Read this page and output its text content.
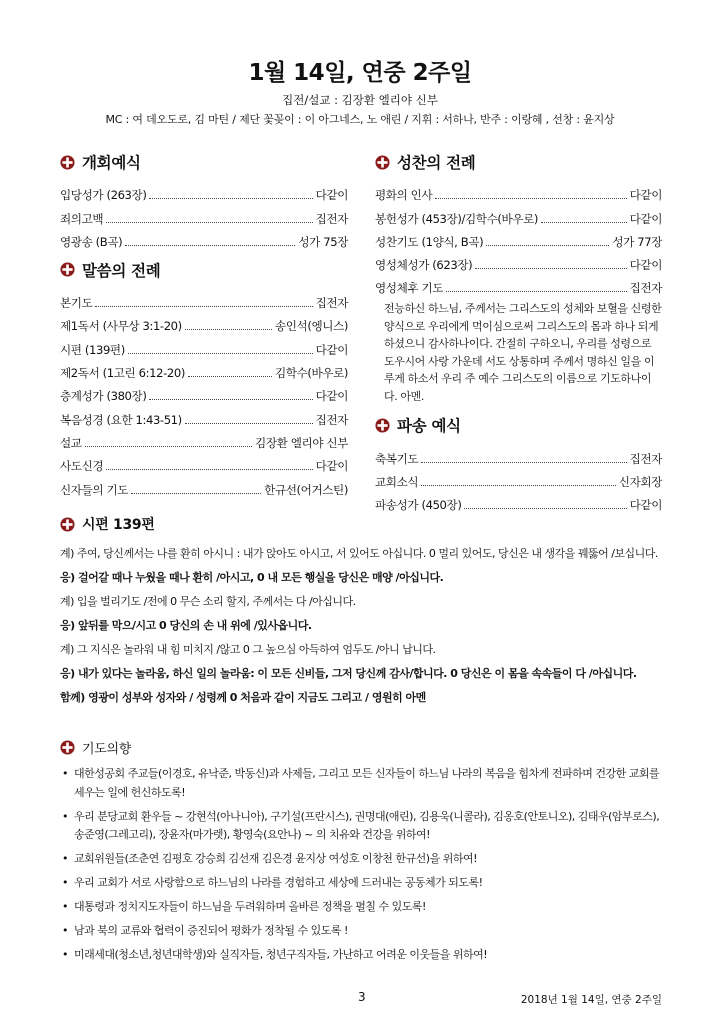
1월 14일, 연중 2주일
집전/설교 : 김장환 엘리야 신부
MC : 여 데오도로, 김 마틴 / 제단 꽃꽂이 : 이 아그네스, 노 애린 / 지휘 : 서하나, 반주 : 이랑혜 , 선창 : 윤지상
개회예식
입당성가 (263장)	다같이
죄의고백	집전자
영광송 (B곡)	성가 75장
말씀의 전례
본기도	집전자
제1독서 (사무상 3:1-20)	송인석(엥니스)
시편 (139편)	다같이
제2독서 (1고린 6:12-20)	김학수(바우로)
층계성가 (380장)	다같이
복음성경 (요한 1:43-51)	집전자
설교	김장환 엘리야 신부
사도신경	다같이
신자들의 기도	한규선(어거스틴)
성찬의 전례
평화의 인사	다같이
봉헌성가 (453장)/김학수(바우로)	다같이
성찬기도 (1양식, B곡)	성가 77장
영성체성가 (623장)	다같이
영성체후 기도	집전자
전능하신 하느님, 주께서는 그리스도의 성체와 보혈을 신령한 양식으로 우리에게 먹이심으로써 그리스도의 몸과 하나 되게 하셨으니 감사하나이다. 간절히 구하오니, 우리를 성령으로 도우시어 사랑 가운데 서도 상통하며 주께서 명하신 일을 이루게 하소서 우리 주 예수 그리스도의 이름으로 기도하나이다. 아멘.
파송 예식
축복기도	집전자
교회소식	신자회장
파송성가 (450장)	다같이
시편 139편
계) 주여, 당신께서는 나를 환히 아시니 : 내가 앉아도 아시고, 서 있어도 아십니다. 0 멀리 있어도, 당신은 내 생각을 꿰뚫어 /보십니다.
응) 걸어갈 때나 누웠을 때나 환히 /아시고, 0 내 모든 행실을 당신은 매양 /아십니다.
계) 입을 벌리기도 /전에 0 무슨 소리 할지, 주께서는 다 /아십니다.
응) 앞뒤를 막으/시고 0 당신의 손 내 위에 /있사옵니다.
계) 그 지식은 놀라워 내 힘 미치지 /않고 0 그 높으심 아득하여 엄두도 /아니 납니다.
응) 내가 있다는 놀라움, 하신 일의 놀라움: 이 모든 신비들, 그저 당신께 감사/합니다. 0 당신은 이 몸을 속속들이 다 /아십니다.
함께) 영광이 성부와 성자와 / 성령께 0 처음과 같이 지금도 그리고 / 영원히 아멘
기도의향
• 대한성공회 주교들(이경호, 유낙준, 박동신)과 사제들, 그리고 모든 신자들이 하느님 나라의 복음을 힘차게 전파하며 건강한 교회를 세우는 일에 헌신하도록!
• 우리 분당교회 환우들 ~ 강현석(아나니아), 구기설(프란시스), 권명대(애린), 김용욱(니콜라), 김옹호(안토니오), 김태우(암부로스), 송준영(그레고리), 장윤자(마가렛), 황영숙(요안나) ~ 의 치유와 건강을 위하여!
• 교회위원들(조춘연 김평호 강승희 김선재 김은경 윤지상 여성호 이창천 한규선)을 위하여!
• 우리 교회가 서로 사랑함으로 하느님의 나라를 경험하고 세상에 드러내는 공동체가 되도록!
• 대통령과 정치지도자들이 하느님을 두려워하며 올바른 정책을 펼칠 수 있도록!
• 남과 북의 교류와 협력이 증진되어 평화가 정착될 수 있도록 !
• 미래세대(청소년,청년대학생)와 실직자들, 청년구직자들, 가난하고 어려운 이웃들을 위하여!
3	2018년 1월 14일, 연중 2주일
